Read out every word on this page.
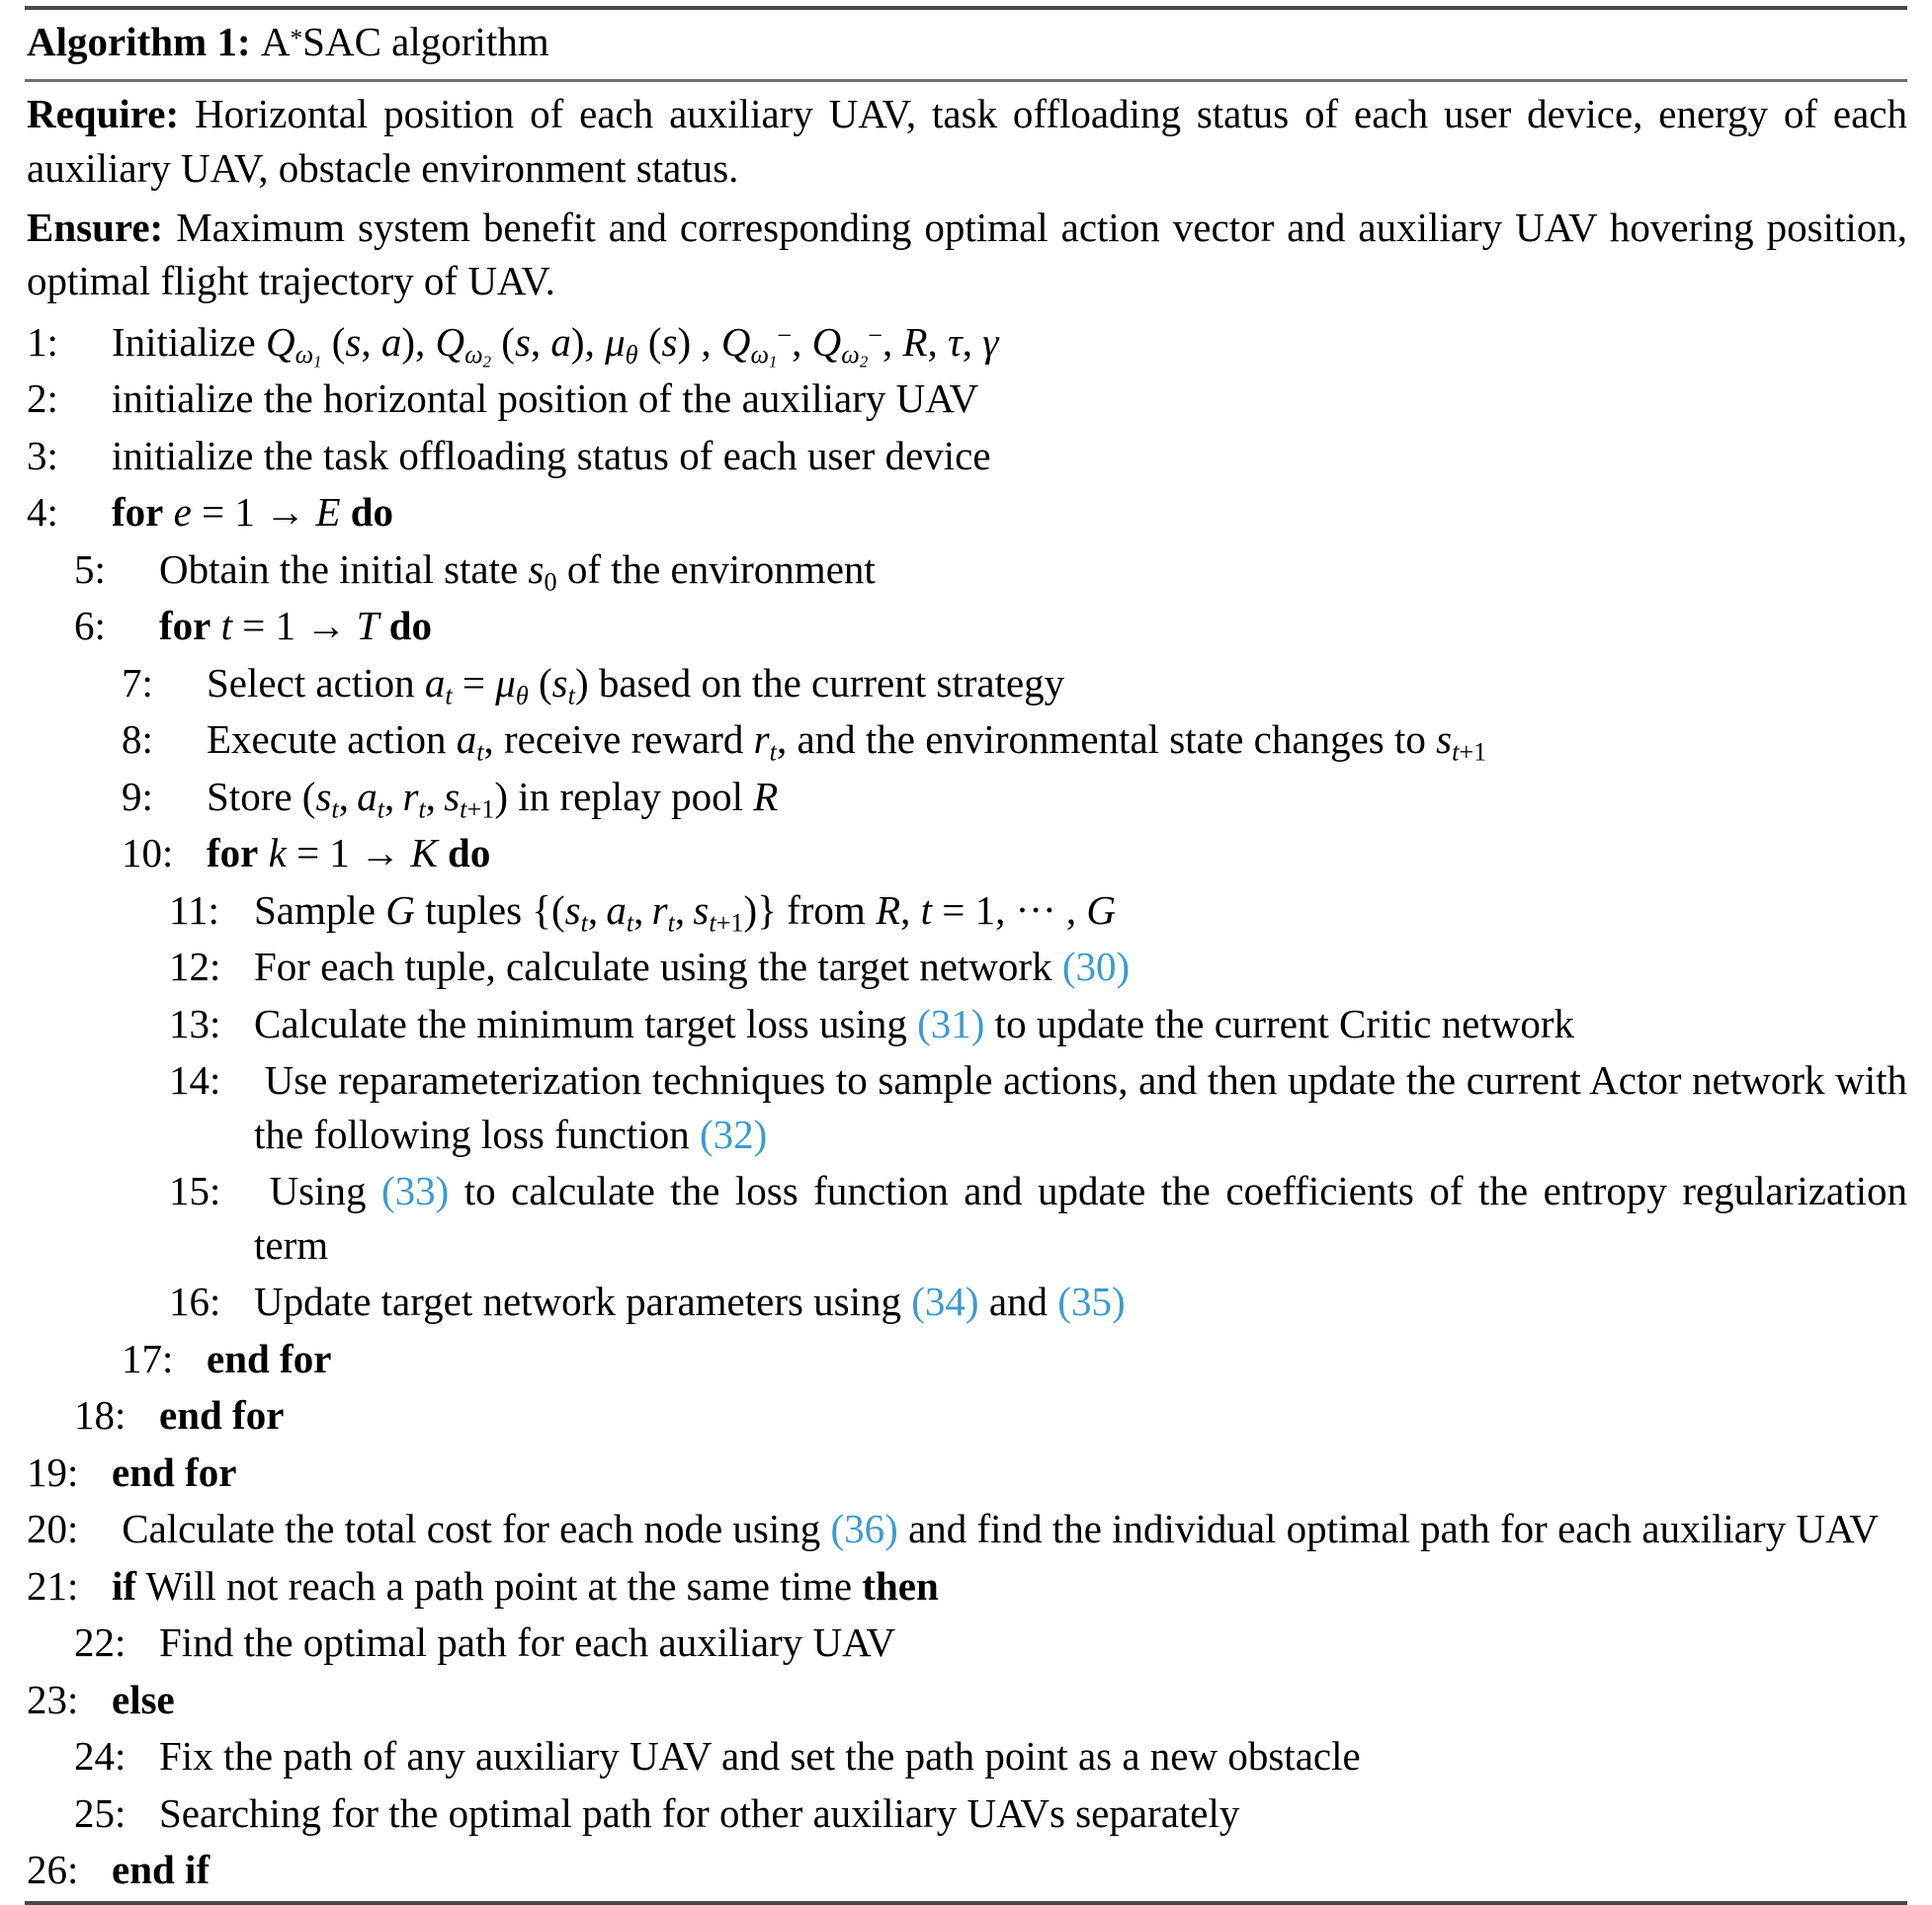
Algorithm 1: A*SAC algorithm
Require: Horizontal position of each auxiliary UAV, task offloading status of each user device, energy of each auxiliary UAV, obstacle environment status.
Ensure: Maximum system benefit and corresponding optimal action vector and auxiliary UAV hovering position, optimal flight trajectory of UAV.
1:	Initialize $Q_{\omega_1}$ (s, a), $Q_{\omega_2}$ (s, a), $\mu_\theta$ (s) , $Q_{\omega_1}^-$, $Q_{\omega_2}^-$, R, τ, γ
2:	initialize the horizontal position of the auxiliary UAV
3:	initialize the task offloading status of each user device
4:	for e = 1 → E do
5:	Obtain the initial state $s_0$ of the environment
6:	for t = 1 → T do
7:	Select action $a_t = \mu_\theta$ $(s_t)$ based on the current strategy
8:	Execute action $a_t$, receive reward $r_t$, and the environmental state changes to $s_{t+1}$
9:	Store ($s_t$, $a_t$, $r_t$, $s_{t+1}$) in replay pool R
10: for k = 1 → K do
11: Sample G tuples {($s_t$, $a_t$, $r_t$, $s_{t+1}$)} from R, t = 1, ··· , G
12: For each tuple, calculate using the target network (30)
13: Calculate the minimum target loss using (31) to update the current Critic network
14: Use reparameterization techniques to sample actions, and then update the current Actor network with the following loss function (32)
15: Using (33) to calculate the loss function and update the coefficients of the entropy regularization term
16: Update target network parameters using (34) and (35)
17: end for
18: end for
19: end for
20: Calculate the total cost for each node using (36) and find the individual optimal path for each auxiliary UAV
21: if Will not reach a path point at the same time then
22: Find the optimal path for each auxiliary UAV
23: else
24: Fix the path of any auxiliary UAV and set the path point as a new obstacle
25: Searching for the optimal path for other auxiliary UAVs separately
26: end if
